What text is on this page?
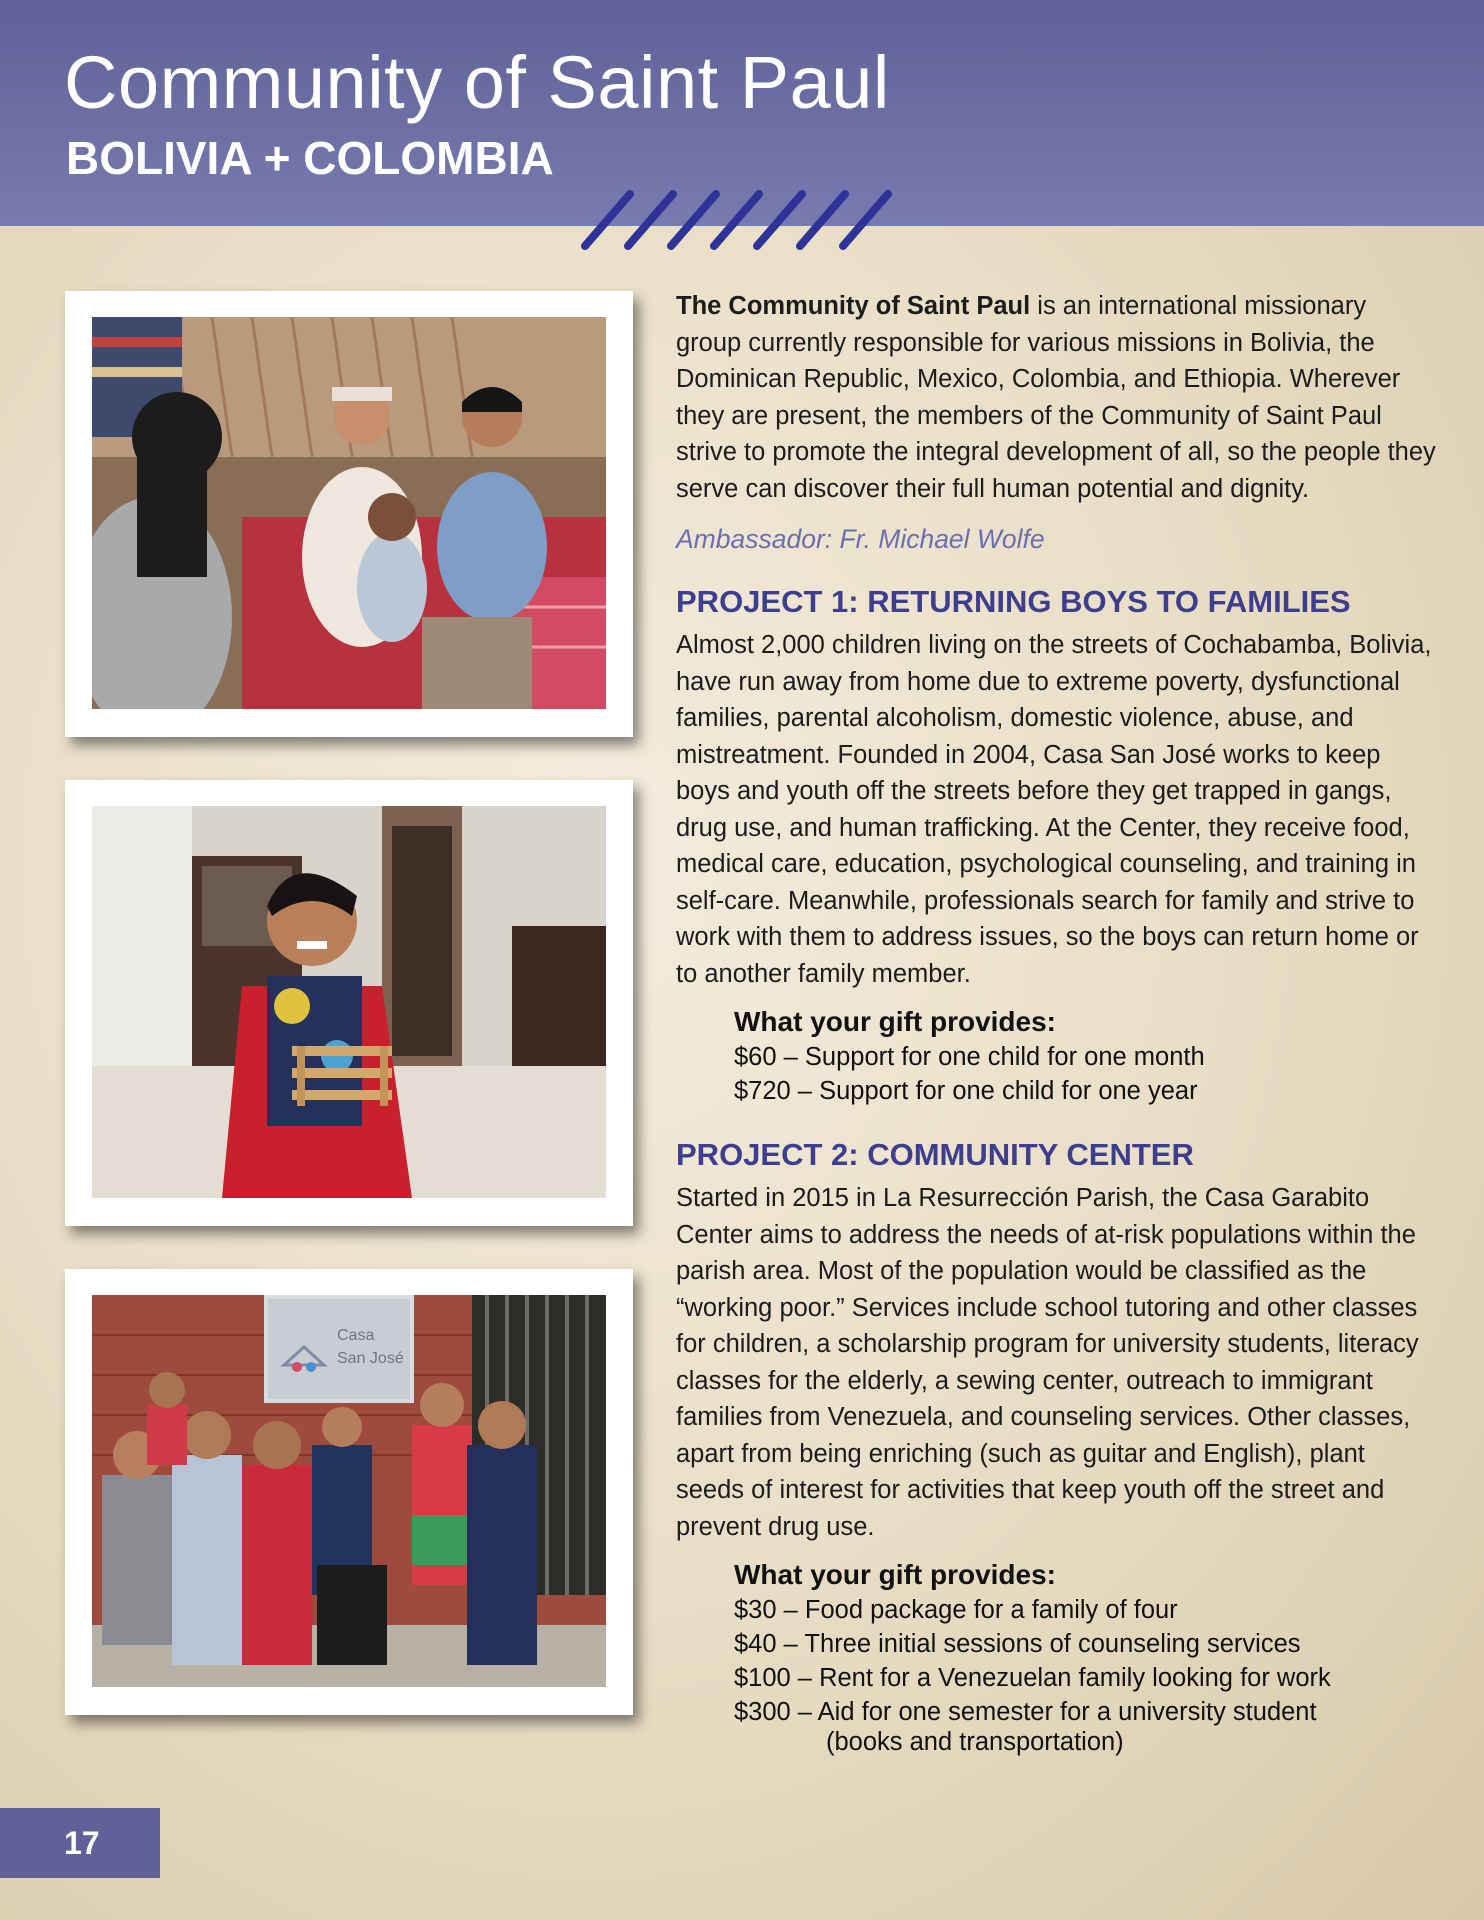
Community of Saint Paul
BOLIVIA + COLOMBIA
Casa
San José

The Community of Saint Paul is an international missionary group currently responsible for various missions in Bolivia, the Dominican Republic, Mexico, Colombia, and Ethiopia. Wherever they are present, the members of the Community of Saint Paul strive to promote the integral development of all, so the people they serve can discover their full human potential and dignity.

Ambassador: Fr. Michael Wolfe

PROJECT 1: RETURNING BOYS TO FAMILIES

Almost 2,000 children living on the streets of Cochabamba, Bolivia, have run away from home due to extreme poverty, dysfunctional families, parental alcoholism, domestic violence, abuse, and mistreatment. Founded in 2004, Casa San José works to keep boys and youth off the streets before they get trapped in gangs, drug use, and human trafficking. At the Center, they receive food, medical care, education, psychological counseling, and training in self-care. Meanwhile, professionals search for family and strive to work with them to address issues, so the boys can return home or to another family member.

What your gift provides:
$60 – Support for one child for one month
$720 – Support for one child for one year
PROJECT 2: COMMUNITY CENTER

Started in 2015 in La Resurrección Parish, the Casa Garabito Center aims to address the needs of at-risk populations within the parish area. Most of the population would be classified as the “working poor.” Services include school tutoring and other classes for children, a scholarship program for university students, literacy classes for the elderly, a sewing center, outreach to immigrant families from Venezuela, and counseling services. Other classes, apart from being enriching (such as guitar and English), plant seeds of interest for activities that keep youth off the street and prevent drug use.

What your gift provides:
$30 – Food package for a family of four
$40 – Three initial sessions of counseling services
$100 – Rent for a Venezuelan family looking for work
$300 – Aid for one semester for a university student
(books and transportation)
17
